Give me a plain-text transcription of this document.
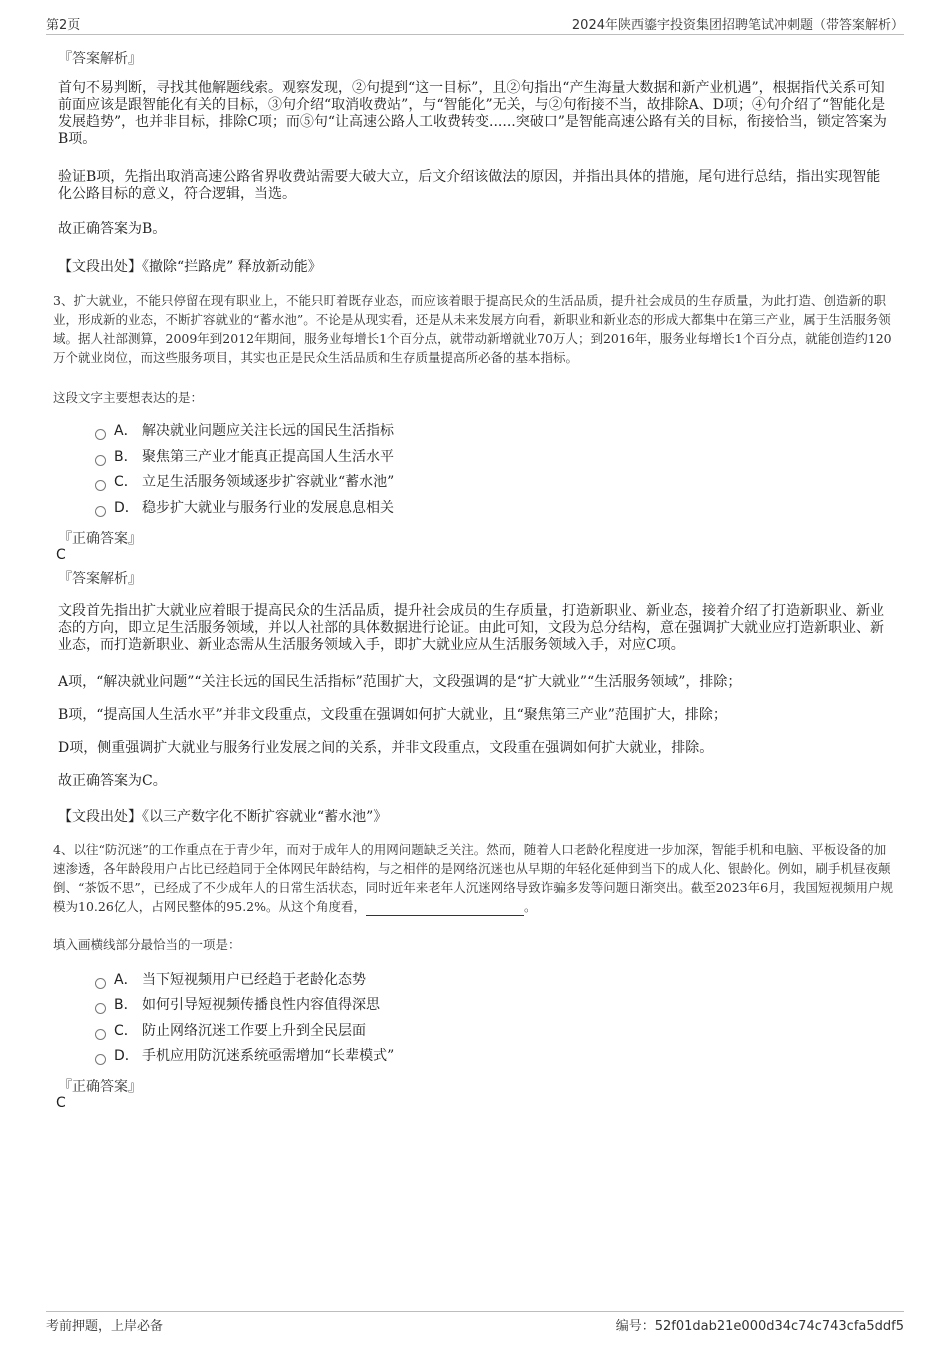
第2页	2024年陕西鎏宇投资集团招聘笔试冲刺题（带答案解析）
『答案解析』
首句不易判断，寻找其他解题线索。观察发现，②句提到“这一目标”，且②句指出“产生海量大数据和新产业机遇”，根据指代关系可知前面应该是跟智能化有关的目标，③句介绍“取消收费站”，与“智能化”无关，与②句衔接不当，故排除A、D项；④句介绍了“智能化是发展趋势”，也并非目标，排除C项；而⑤句“让高速公路人工收费转变......突破口”是智能高速公路有关的目标，衔接恰当，锁定答案为B项。
验证B项，先指出取消高速公路省界收费站需要大破大立，后文介绍该做法的原因，并指出具体的措施，尾句进行总结，指出实现智能化公路目标的意义，符合逻辑，当选。
故正确答案为B。
【文段出处】《撤除“拦路虎” 释放新动能》
3、扩大就业，不能只停留在现有职业上，不能只盯着既存业态，而应该着眼于提高民众的生活品质，提升社会成员的生存质量，为此打造、创造新的职业，形成新的业态，不断扩容就业的“蓄水池”。不论是从现实看，还是从未来发展方向看，新职业和新业态的形成大都集中在第三产业，属于生活服务领域。据人社部测算，2009年到2012年期间，服务业每增长1个百分点，就带动新增就业70万人；到2016年，服务业每增长1个百分点，就能创造约120万个就业岗位，而这些服务项目，其实也正是民众生活品质和生存质量提高所必备的基本指标。
这段文字主要想表达的是：
A． 解决就业问题应关注长远的国民生活指标
B． 聚焦第三产业才能真正提高国人生活水平
C． 立足生活服务领域逐步扩容就业“蓄水池”
D． 稳步扩大就业与服务行业的发展息息相关
『正确答案』
C
『答案解析』
文段首先指出扩大就业应着眼于提高民众的生活品质，提升社会成员的生存质量，打造新职业、新业态，接着介绍了打造新职业、新业态的方向，即立足生活服务领域，并以人社部的具体数据进行论证。由此可知，文段为总分结构，意在强调扩大就业应打造新职业、新业态，而打造新职业、新业态需从生活服务领域入手，即扩大就业应从生活服务领域入手，对应C项。
A项，“解决就业问题”“关注长远的国民生活指标”范围扩大，文段强调的是“扩大就业”“生活服务领域”，排除；
B项，“提高国人生活水平”并非文段重点，文段重在强调如何扩大就业，且“聚焦第三产业”范围扩大，排除；
D项，侧重强调扩大就业与服务行业发展之间的关系，并非文段重点，文段重在强调如何扩大就业，排除。
故正确答案为C。
【文段出处】《以三产数字化不断扩容就业“蓄水池”》
4、以往“防沉迷”的工作重点在于青少年，而对于成年人的用网问题缺乏关注。然而，随着人口老龄化程度进一步加深，智能手机和电脑、平板设备的加速渗透，各年龄段用户占比已经趋同于全体网民年龄结构，与之相伴的是网络沉迷也从早期的年轻化延伸到当下的成人化、银龄化。例如，刷手机昼夜颠倒、“茶饭不思”，已经成了不少成年人的日常生活状态，同时近年来老年人沉迷网络导致诈骗多发等问题日渐突出。截至2023年6月，我国短视频用户规模为10.26亿人，占网民整体的95.2%。从这个角度看，	。
填入画横线部分最恰当的一项是：
A． 当下短视频用户已经趋于老龄化态势
B． 如何引导短视频传播良性内容值得深思
C． 防止网络沉迷工作要上升到全民层面
D． 手机应用防沉迷系统亟需增加“长辈模式”
『正确答案』
C
考前押题，上岸必备	编号：52f01dab21e000d34c74c743cfa5ddf5
